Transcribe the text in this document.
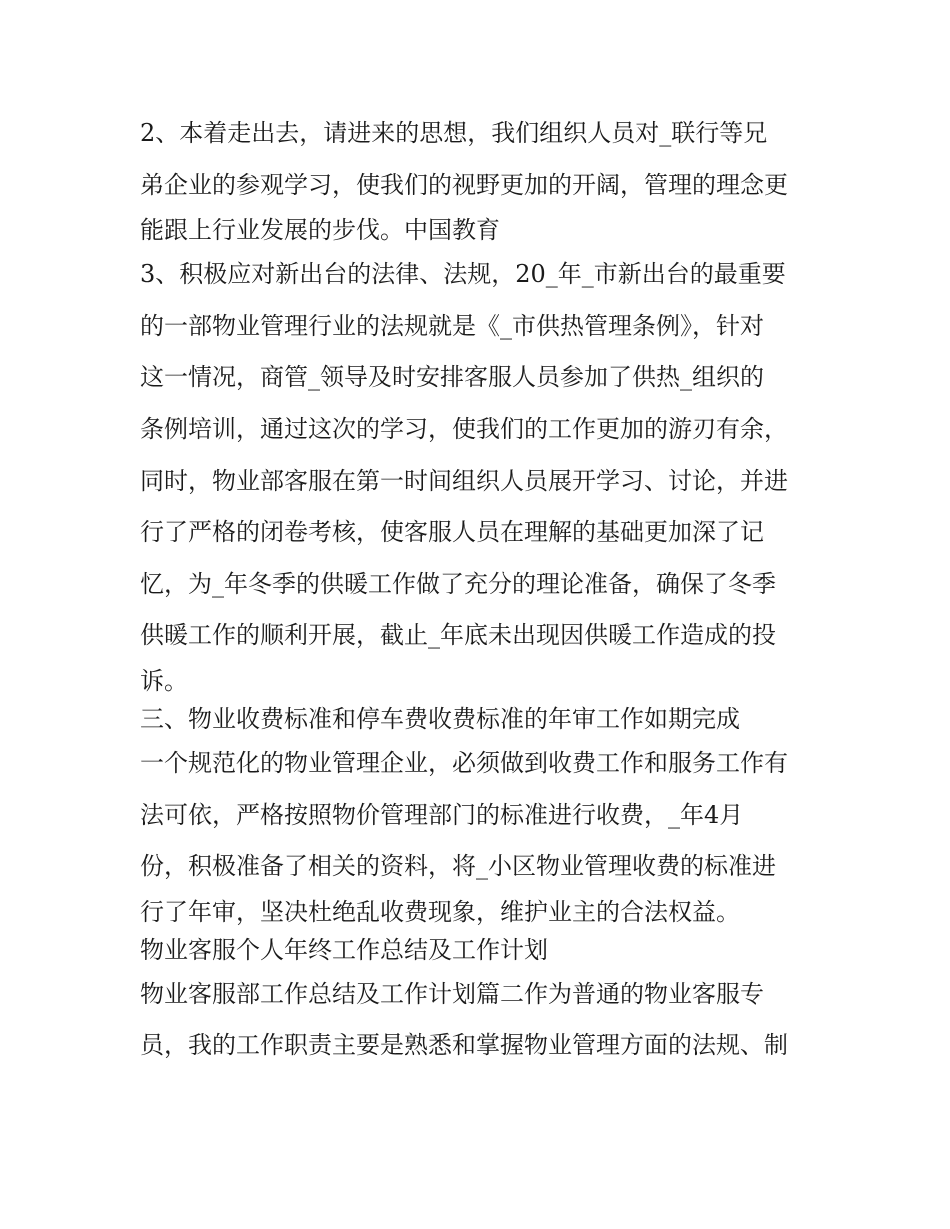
2、本着走出去，请进来的思想，我们组织人员对_联行等兄
弟企业的参观学习，使我们的视野更加的开阔，管理的理念更
能跟上行业发展的步伐。中国教育
3、积极应对新出台的法律、法规，20_年_市新出台的最重要
的一部物业管理行业的法规就是《_市供热管理条例》，针对
这一情况，商管_领导及时安排客服人员参加了供热_组织的
条例培训，通过这次的学习，使我们的工作更加的游刃有余，
同时，物业部客服在第一时间组织人员展开学习、讨论，并进
行了严格的闭卷考核，使客服人员在理解的基础更加深了记
忆，为_年冬季的供暖工作做了充分的理论准备，确保了冬季
供暖工作的顺利开展，截止_年底未出现因供暖工作造成的投
诉。
三、物业收费标准和停车费收费标准的年审工作如期完成
一个规范化的物业管理企业，必须做到收费工作和服务工作有
法可依，严格按照物价管理部门的标准进行收费，_年4月
份，积极准备了相关的资料，将_小区物业管理收费的标准进
行了年审，坚决杜绝乱收费现象，维护业主的合法权益。
物业客服个人年终工作总结及工作计划
物业客服部工作总结及工作计划篇二作为普通的物业客服专
员，我的工作职责主要是熟悉和掌握物业管理方面的法规、制
